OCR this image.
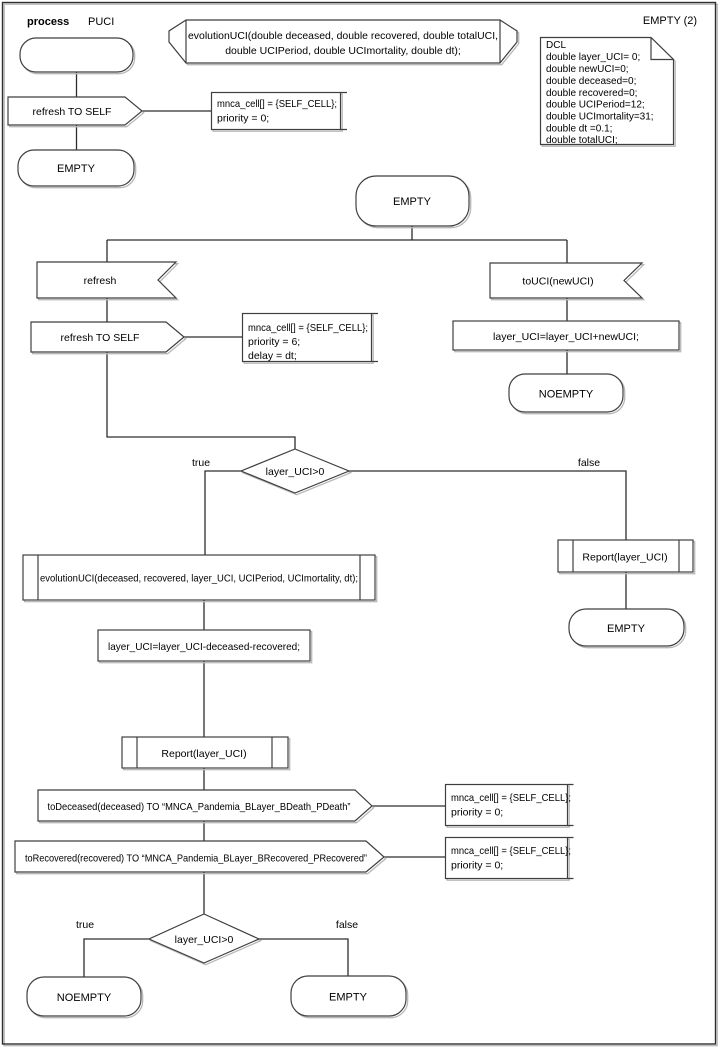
process PUCI	EMPTY (2)
evolutionUCI(double deceased, double recovered, double totalUCI,
double UCIPeriod, double UCImortality, double dt);	DCL
double layer_UCI= 0;
double newUCI=0;
double deceased=0;
double recovered=0;
double UCIPeriod=12;
double UCImortality=31;
double dt =0.1;
double totalUCI;
refresh TO SELF
mnca_cell[] = {SELF_CELL};
priority = 0;
EMPTY
EMPTY
refresh
refresh TO SELF
mnca_cell[] = {SELF_CELL};
priority = 6;
delay = dt;
toUCI(newUCI)
layer_UCI=layer_UCI+newUCI;
NOEMPTY
layer_UCI>0
true	false
evolutionUCI(deceased, recovered, layer_UCI, UCIPeriod, UCImortality, dt);
layer_UCI=layer_UCI-deceased-recovered;
Report(layer_UCI)
toDeceased(deceased) TO “MNCA_Pandemia_BLayer_BDeath_PDeath”
mnca_cell[] = {SELF_CELL};
priority = 0;
toRecovered(recovered) TO “MNCA_Pandemia_BLayer_BRecovered_PRecovered”
mnca_cell[] = {SELF_CELL};
priority = 0;
Report(layer_UCI)
EMPTY
layer_UCI>0
true	false
NOEMPTY	EMPTY
